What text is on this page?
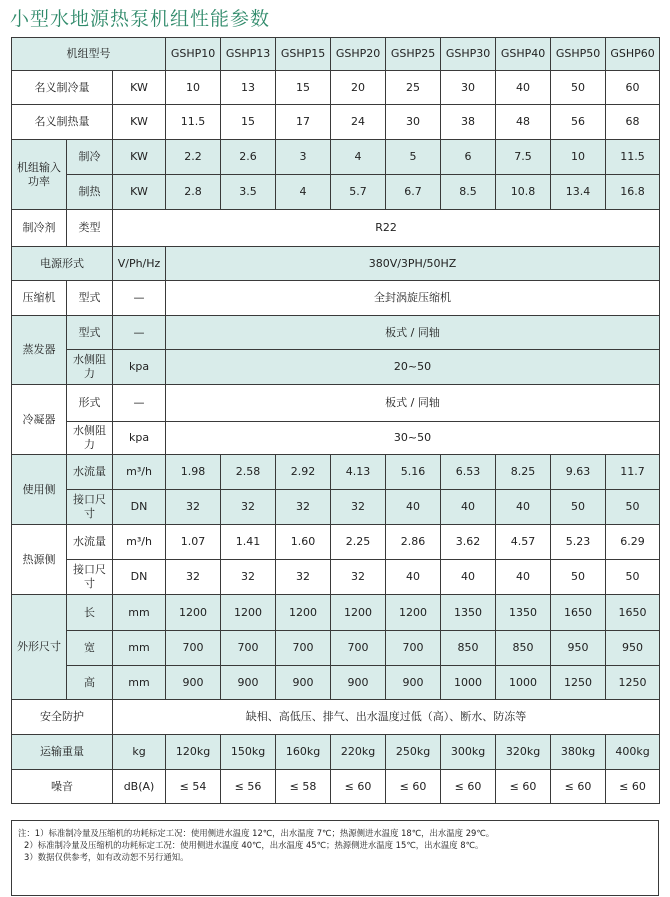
小型水地源热泵机组性能参数
机组型号			GSHP10	GSHP13	GSHP15	GSHP20	GSHP25	GSHP30	GSHP40	GSHP50	GSHP60
名义制冷量		KW	10	13	15	20	25	30	40	50	60
名义制热量		KW	11.5	15	17	24	30	38	48	56	68
机组输入功率	制冷	KW	2.2	2.6	3	4	5	6	7.5	10	11.5
	制热	KW	2.8	3.5	4	5.7	6.7	8.5	10.8	13.4	16.8
制冷剂	类型	R22									
电源形式		V/Ph/Hz	380V/3PH/50HZ								
压缩机	型式	—	全封涡旋压缩机								
蒸发器	型式	—	板式 / 同轴								
	水侧阻力	kpa	20~50								
冷凝器	形式	—	板式 / 同轴								
	水侧阻力	kpa	30~50								
使用侧	水流量	m³/h	1.98	2.58	2.92	4.13	5.16	6.53	8.25	9.63	11.7
	接口尺寸	DN	32	32	32	32	40	40	40	50	50
热源侧	水流量	m³/h	1.07	1.41	1.60	2.25	2.86	3.62	4.57	5.23	6.29
	接口尺寸	DN	32	32	32	32	40	40	40	50	50
外形尺寸	长	mm	1200	1200	1200	1200	1200	1350	1350	1650	1650
	宽	mm	700	700	700	700	700	850	850	950	950
	高	mm	900	900	900	900	900	1000	1000	1250	1250
安全防护		缺相、高低压、排气、出水温度过低（高）、断水、防冻等									
运输重量		kg	120kg	150kg	160kg	220kg	250kg	300kg	320kg	380kg	400kg
噪音		dB(A)	≤ 54	≤ 56	≤ 58	≤ 60	≤ 60	≤ 60	≤ 60	≤ 60	≤ 60
注：1）标准制冷量及压缩机的功耗标定工况：使用侧进水温度 12℃，出水温度 7℃；热源侧进水温度 18℃，出水温度 29℃。
2）标准制冷量及压缩机的功耗标定工况：使用侧进水温度 40℃，出水温度 45℃；热源侧进水温度 15℃，出水温度 8℃。
3）数据仅供参考，如有改动恕不另行通知。
